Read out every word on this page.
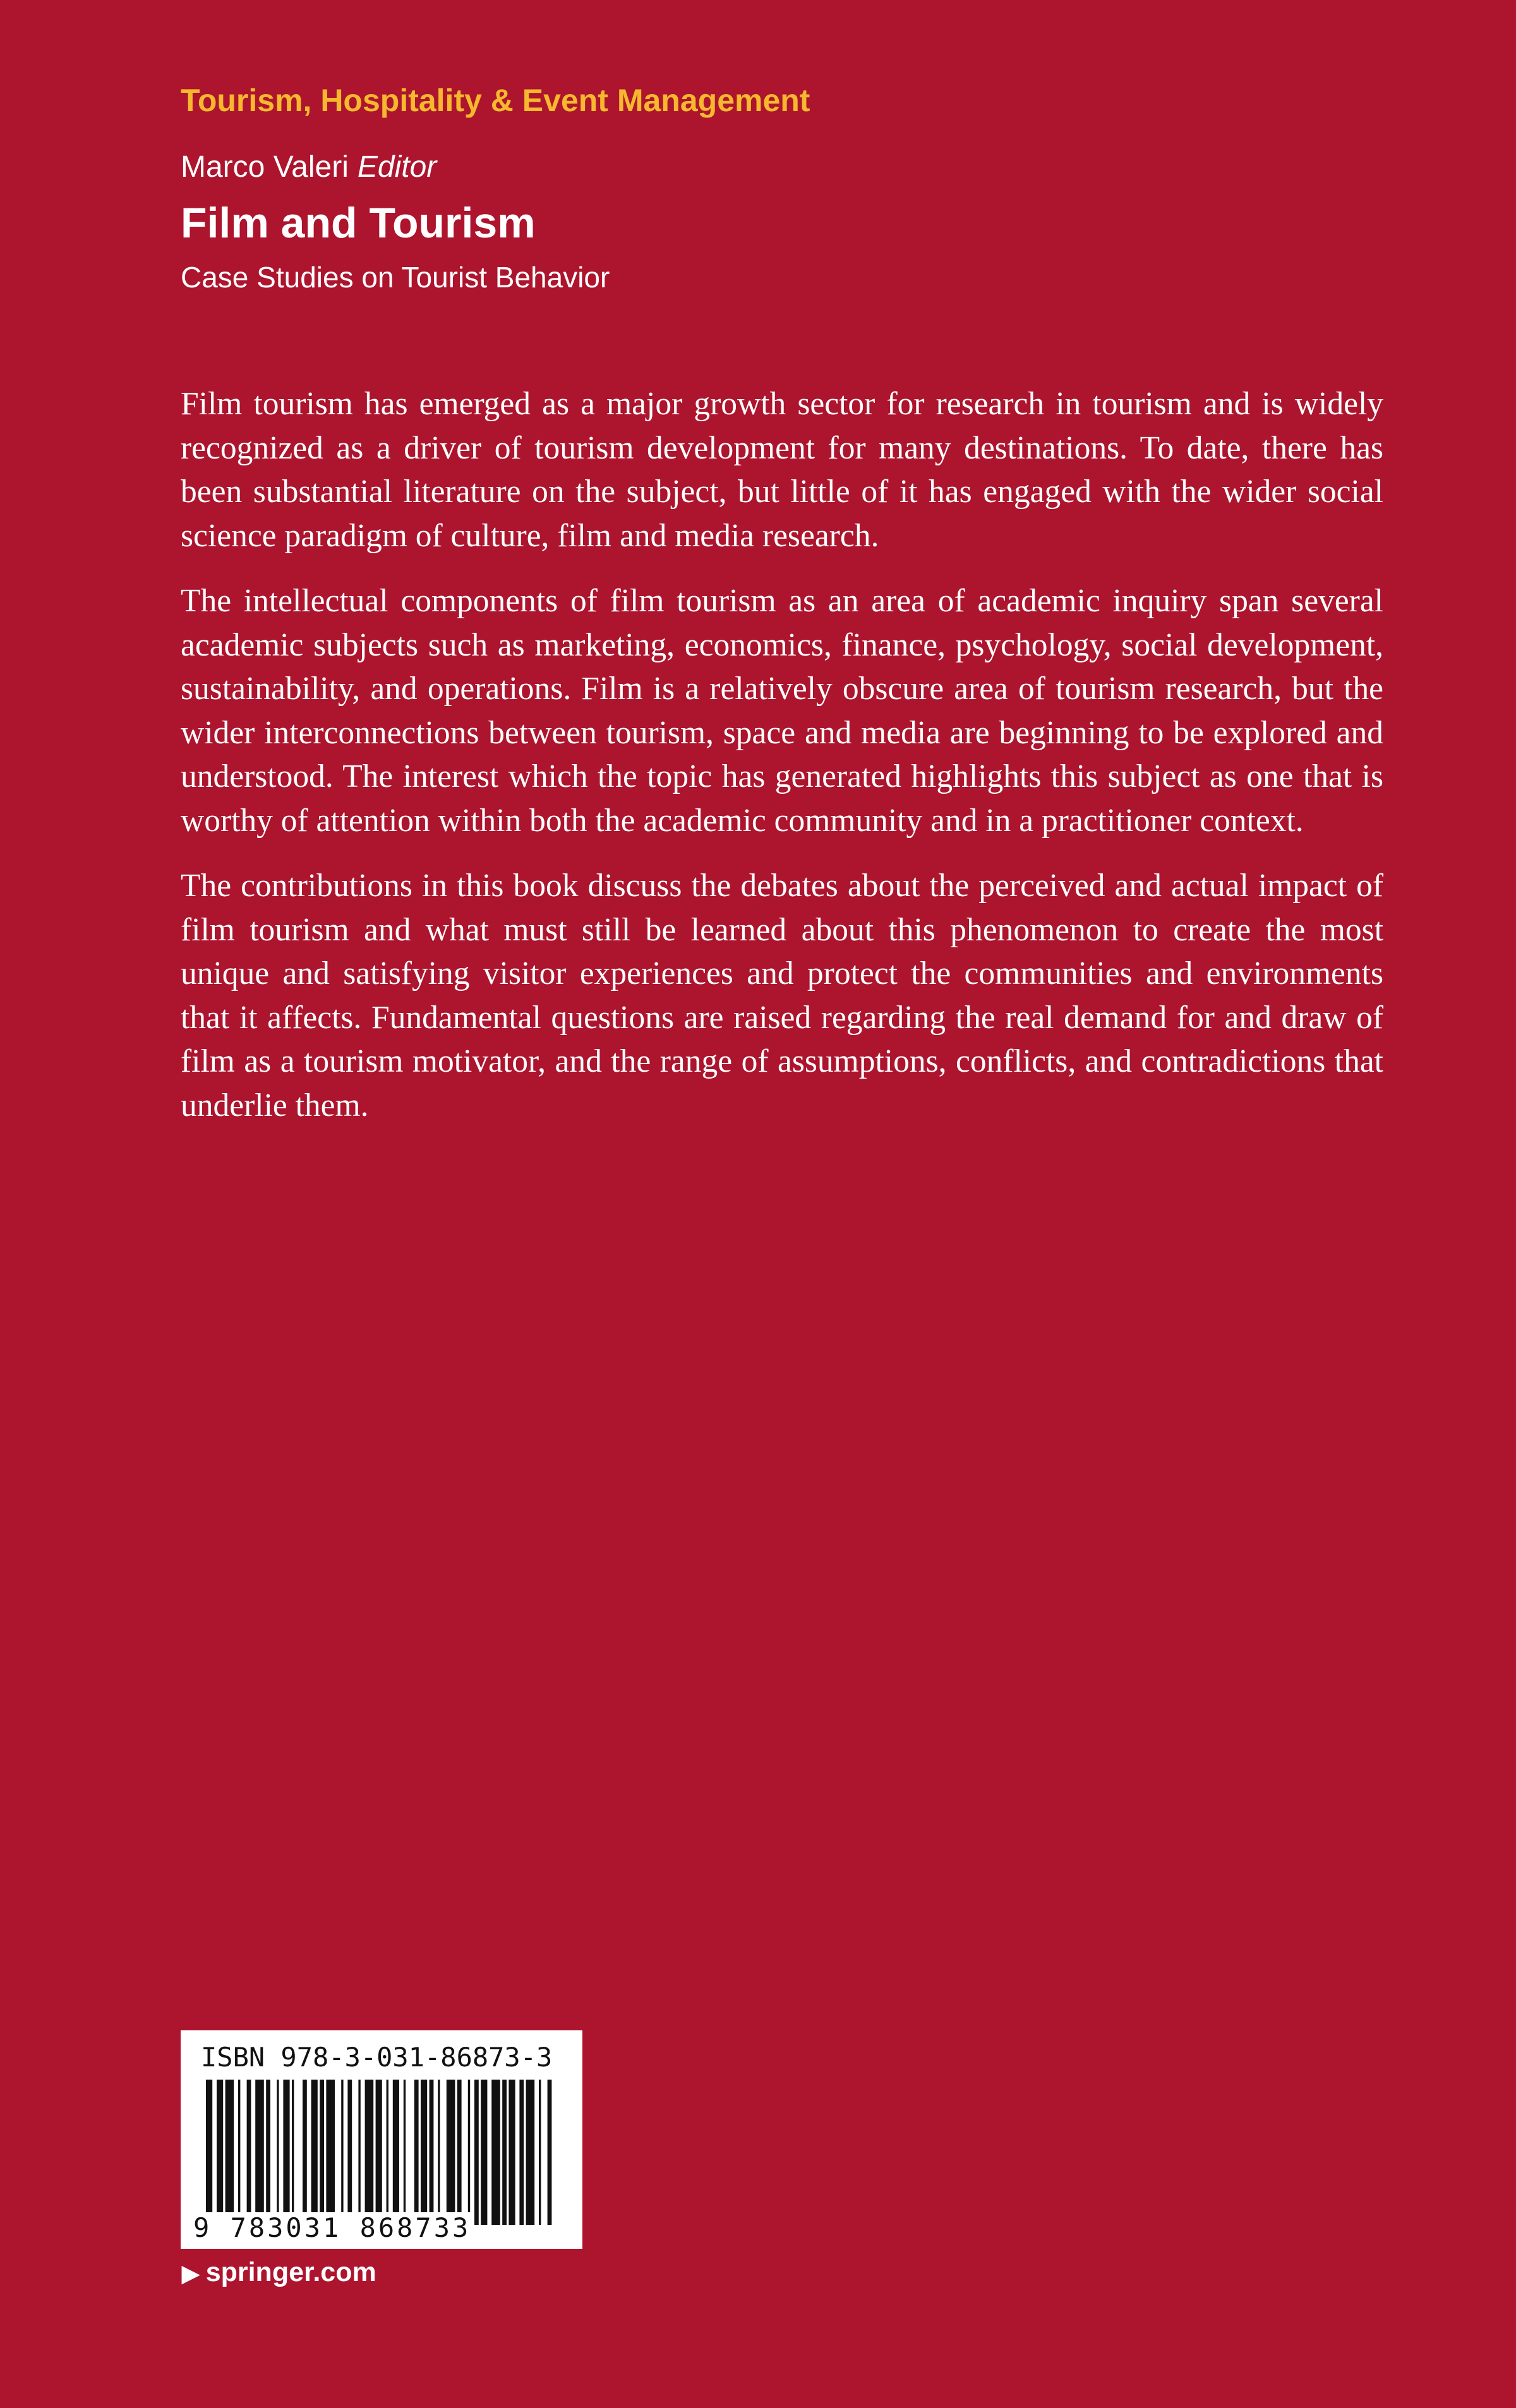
Tourism, Hospitality & Event Management
Marco Valeri Editor
Film and Tourism
Case Studies on Tourist Behavior

Film tourism has emerged as a major growth sector for research in tourism and is widely recognized as a driver of tourism development for many destinations. To date, there has been substantial literature on the subject, but little of it has engaged with the wider social science paradigm of culture, film and media research.

The intellectual components of film tourism as an area of academic inquiry span several academic subjects such as marketing, economics, finance, psychology, social development, sustainability, and operations. Film is a relatively obscure area of tourism research, but the wider interconnections between tourism, space and media are beginning to be explored and understood. The interest which the topic has generated highlights this subject as one that is worthy of attention within both the academic community and in a practitioner context.

The contributions in this book discuss the debates about the perceived and actual impact of film tourism and what must still be learned about this phenomenon to create the most unique and satisfying visitor experiences and protect the communities and environments that it affects. Fundamental questions are raised regarding the real demand for and draw of film as a tourism motivator, and the range of assumptions, conflicts, and contradictions that underlie them.

ISBN 978-3-031-86873-3
9 783031 868733
▶ springer.com
